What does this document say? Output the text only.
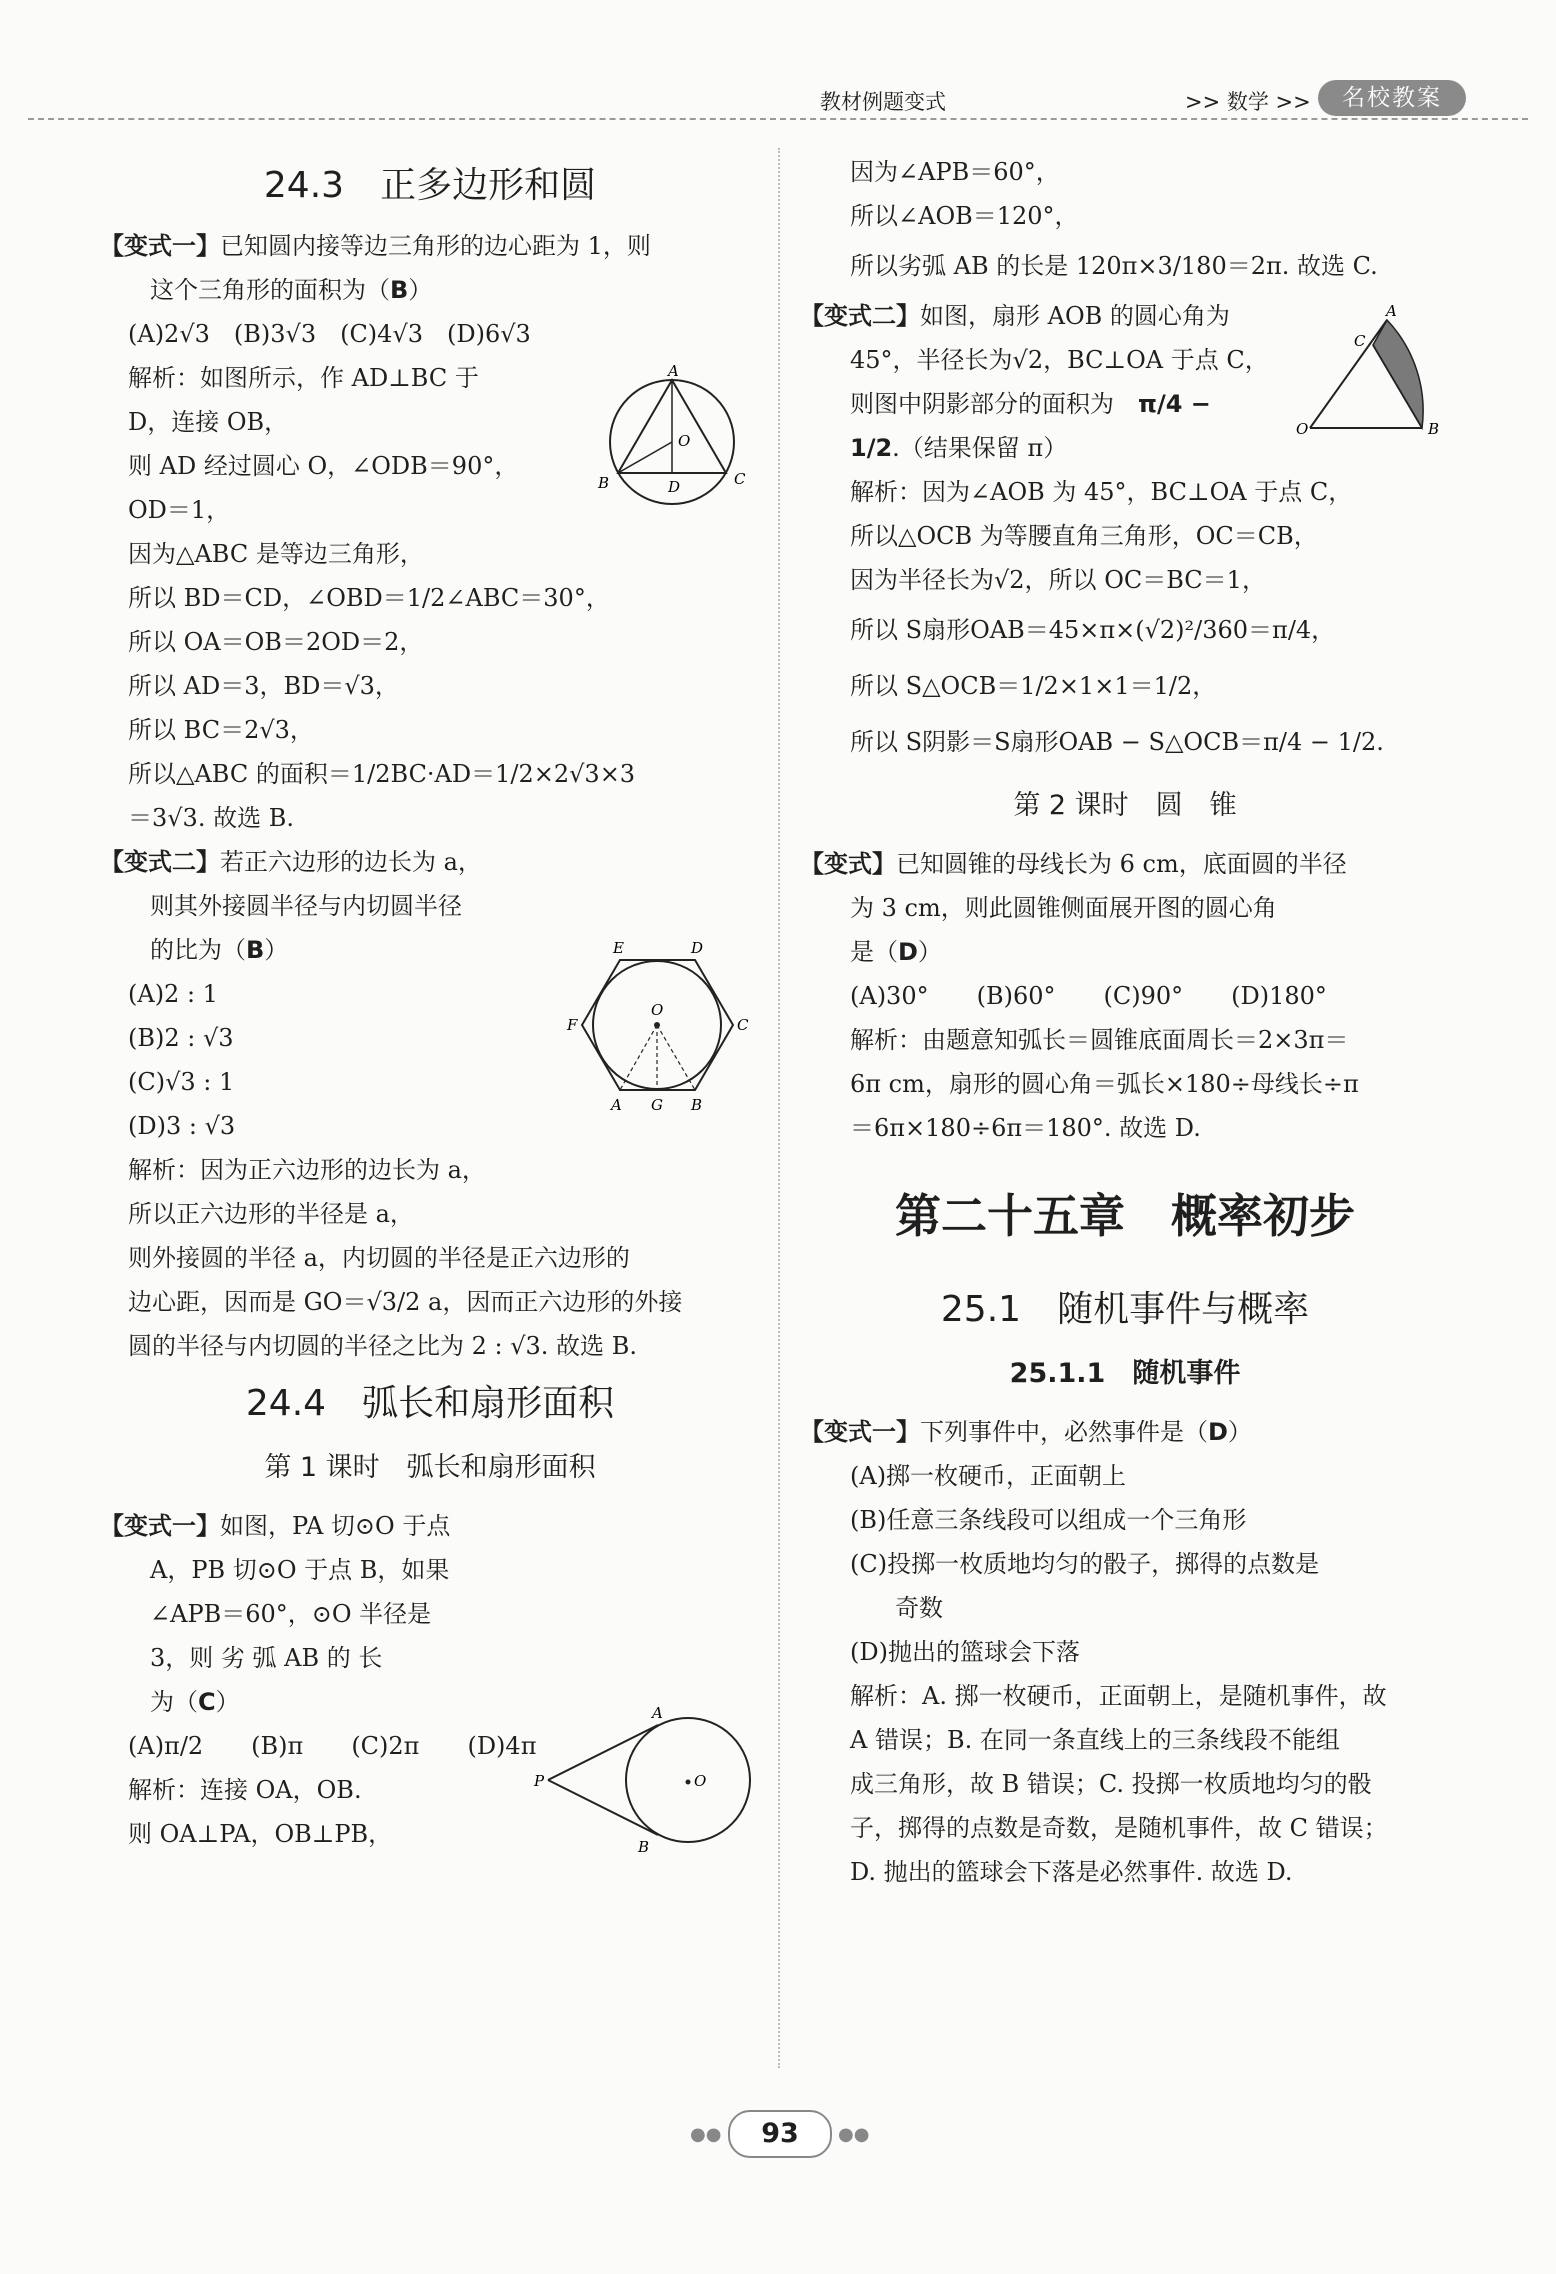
教材例题变式	>> 数学 >>	名校教案
24.3　正多边形和圆

【变式一】已知圆内接等边三角形的边心距为 1，则

这个三角形的面积为（B）

(A)2√3　(B)3√3　(C)4√3　(D)6√3

解析：如图所示，作 AD⊥BC 于

D，连接 OB，

则 AD 经过圆心 O，∠ODB＝90°，

OD＝1，

因为△ABC 是等边三角形，

所以 BD＝CD，∠OBD＝1/2∠ABC＝30°，

所以 OA＝OB＝2OD＝2，

所以 AD＝3，BD＝√3，

所以 BC＝2√3，

所以△ABC 的面积＝1/2BC·AD＝1/2×2√3×3

＝3√3. 故选 B.

【变式二】若正六边形的边长为 a，

则其外接圆半径与内切圆半径

的比为（B）

(A)2 : 1

(B)2 : √3

(C)√3 : 1

(D)3 : √3

解析：因为正六边形的边长为 a，

所以正六边形的半径是 a，

则外接圆的半径 a，内切圆的半径是正六边形的

边心距，因而是 GO＝√3/2 a，因而正六边形的外接

圆的半径与内切圆的半径之比为 2 : √3. 故选 B.

24.4　弧长和扇形面积
第 1 课时　弧长和扇形面积

【变式一】如图，PA 切⊙O 于点

A，PB 切⊙O 于点 B，如果

∠APB＝60°，⊙O 半径是

3，则 劣 弧 AB 的 长

为（C）

(A)π/2　　(B)π　　(C)2π　　(D)4π

解析：连接 OA，OB.

则 OA⊥PA，OB⊥PB，

因为∠APB＝60°，

所以∠AOB＝120°，

所以劣弧 AB 的长是 120π×3/180＝2π. 故选 C.

【变式二】如图，扇形 AOB 的圆心角为

45°，半径长为√2，BC⊥OA 于点 C，

则图中阴影部分的面积为　 π/4 −

1/2.（结果保留 π）

解析：因为∠AOB 为 45°，BC⊥OA 于点 C，

所以△OCB 为等腰直角三角形，OC＝CB，

因为半径长为√2，所以 OC＝BC＝1，

所以 S扇形OAB＝45×π×(√2)²/360＝π/4，

所以 S△OCB＝1/2×1×1＝1/2，

所以 S阴影＝S扇形OAB − S△OCB＝π/4 − 1/2.

第 2 课时　圆　锥

【变式】已知圆锥的母线长为 6 cm，底面圆的半径

为 3 cm，则此圆锥侧面展开图的圆心角

是（D）

(A)30°　　(B)60°　　(C)90°　　(D)180°

解析：由题意知弧长＝圆锥底面周长＝2×3π＝

6π cm，扇形的圆心角＝弧长×180÷母线长÷π

＝6π×180÷6π＝180°. 故选 D.

第二十五章　概率初步
25.1　随机事件与概率
25.1.1　随机事件

【变式一】下列事件中，必然事件是（D）

(A)掷一枚硬币，正面朝上

(B)任意三条线段可以组成一个三角形

(C)投掷一枚质地均匀的骰子，掷得的点数是

奇数

(D)抛出的篮球会下落

解析：A. 掷一枚硬币，正面朝上，是随机事件，故

A 错误；B. 在同一条直线上的三条线段不能组

成三角形，故 B 错误；C. 投掷一枚质地均匀的骰

子，掷得的点数是奇数，是随机事件，故 C 错误；

D. 抛出的篮球会下落是必然事件. 故选 D.

A
O
B	D	C
E	D
O
F	C
A G B
A
P	O
B
A
C
O	B
●●	93	●●
